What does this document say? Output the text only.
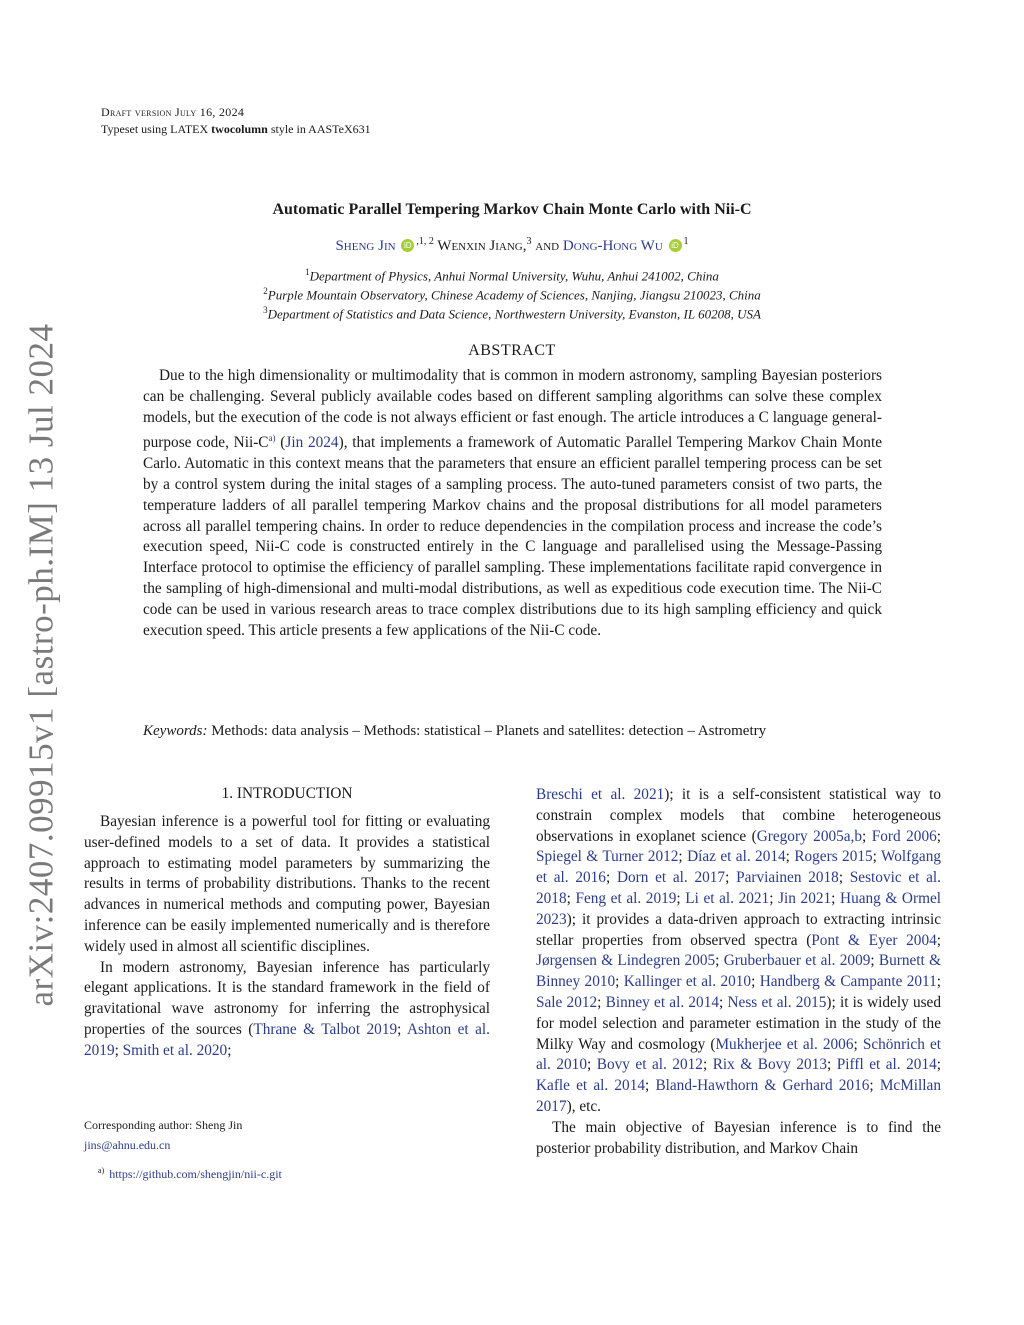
Draft version July 16, 2024
Typeset using LATEX twocolumn style in AASTeX631
arXiv:2407.09915v1 [astro-ph.IM] 13 Jul 2024
Automatic Parallel Tempering Markov Chain Monte Carlo with Nii-C
Sheng Jin iD $^{,1, 2}$ Wenxin Jiang,$^3$ and Dong-Hong Wu iD $^1$
$^1$Department of Physics, Anhui Normal University, Wuhu, Anhui 241002, China
$^2$Purple Mountain Observatory, Chinese Academy of Sciences, Nanjing, Jiangsu 210023, China
$^3$Department of Statistics and Data Science, Northwestern University, Evanston, IL 60208, USA
ABSTRACT
Due to the high dimensionality or multimodality that is common in modern astronomy, sampling Bayesian posteriors can be challenging. Several publicly available codes based on different sampling algorithms can solve these complex models, but the execution of the code is not always efficient or fast enough. The article introduces a C language general-purpose code, Nii-$C^{a)}$ (Jin 2024), that implements a framework of Automatic Parallel Tempering Markov Chain Monte Carlo. Automatic in this context means that the parameters that ensure an efficient parallel tempering process can be set by a control system during the inital stages of a sampling process. The auto-tuned parameters consist of two parts, the temperature ladders of all parallel tempering Markov chains and the proposal distributions for all model parameters across all parallel tempering chains. In order to reduce dependencies in the compilation process and increase the code’s execution speed, Nii-C code is constructed entirely in the C language and parallelised using the Message-Passing Interface protocol to optimise the efficiency of parallel sampling. These implementations facilitate rapid convergence in the sampling of high-dimensional and multi-modal distributions, as well as expeditious code execution time. The Nii-C code can be used in various research areas to trace complex distributions due to its high sampling efficiency and quick execution speed. This article presents a few applications of the Nii-C code.
Keywords: Methods: data analysis – Methods: statistical – Planets and satellites: detection – Astrometry
1. INTRODUCTION

Bayesian inference is a powerful tool for fitting or evaluating user-defined models to a set of data. It provides a statistical approach to estimating model parameters by summarizing the results in terms of probability distributions. Thanks to the recent advances in numerical methods and computing power, Bayesian inference can be easily implemented numerically and is therefore widely used in almost all scientific disciplines.

In modern astronomy, Bayesian inference has particularly elegant applications. It is the standard framework in the field of gravitational wave astronomy for inferring the astrophysical properties of the sources (Thrane & Talbot 2019; Ashton et al. 2019; Smith et al. 2020;

Breschi et al. 2021); it is a self-consistent statistical way to constrain complex models that combine heterogeneous observations in exoplanet science (Gregory 2005a,b; Ford 2006; Spiegel & Turner 2012; Díaz et al. 2014; Rogers 2015; Wolfgang et al. 2016; Dorn et al. 2017; Parviainen 2018; Sestovic et al. 2018; Feng et al. 2019; Li et al. 2021; Jin 2021; Huang & Ormel 2023); it provides a data-driven approach to extracting intrinsic stellar properties from observed spectra (Pont & Eyer 2004; Jørgensen & Lindegren 2005; Gruberbauer et al. 2009; Burnett & Binney 2010; Kallinger et al. 2010; Handberg & Campante 2011; Sale 2012; Binney et al. 2014; Ness et al. 2015); it is widely used for model selection and parameter estimation in the study of the Milky Way and cosmology (Mukherjee et al. 2006; Schönrich et al. 2010; Bovy et al. 2012; Rix & Bovy 2013; Piffl et al. 2014; Kafle et al. 2014; Bland-Hawthorn & Gerhard 2016; McMillan 2017), etc.

The main objective of Bayesian inference is to find the posterior probability distribution, and Markov Chain

Corresponding author: Sheng Jin
jins@ahnu.edu.cn
$^{a)}$ https://github.com/shengjin/nii-c.git
